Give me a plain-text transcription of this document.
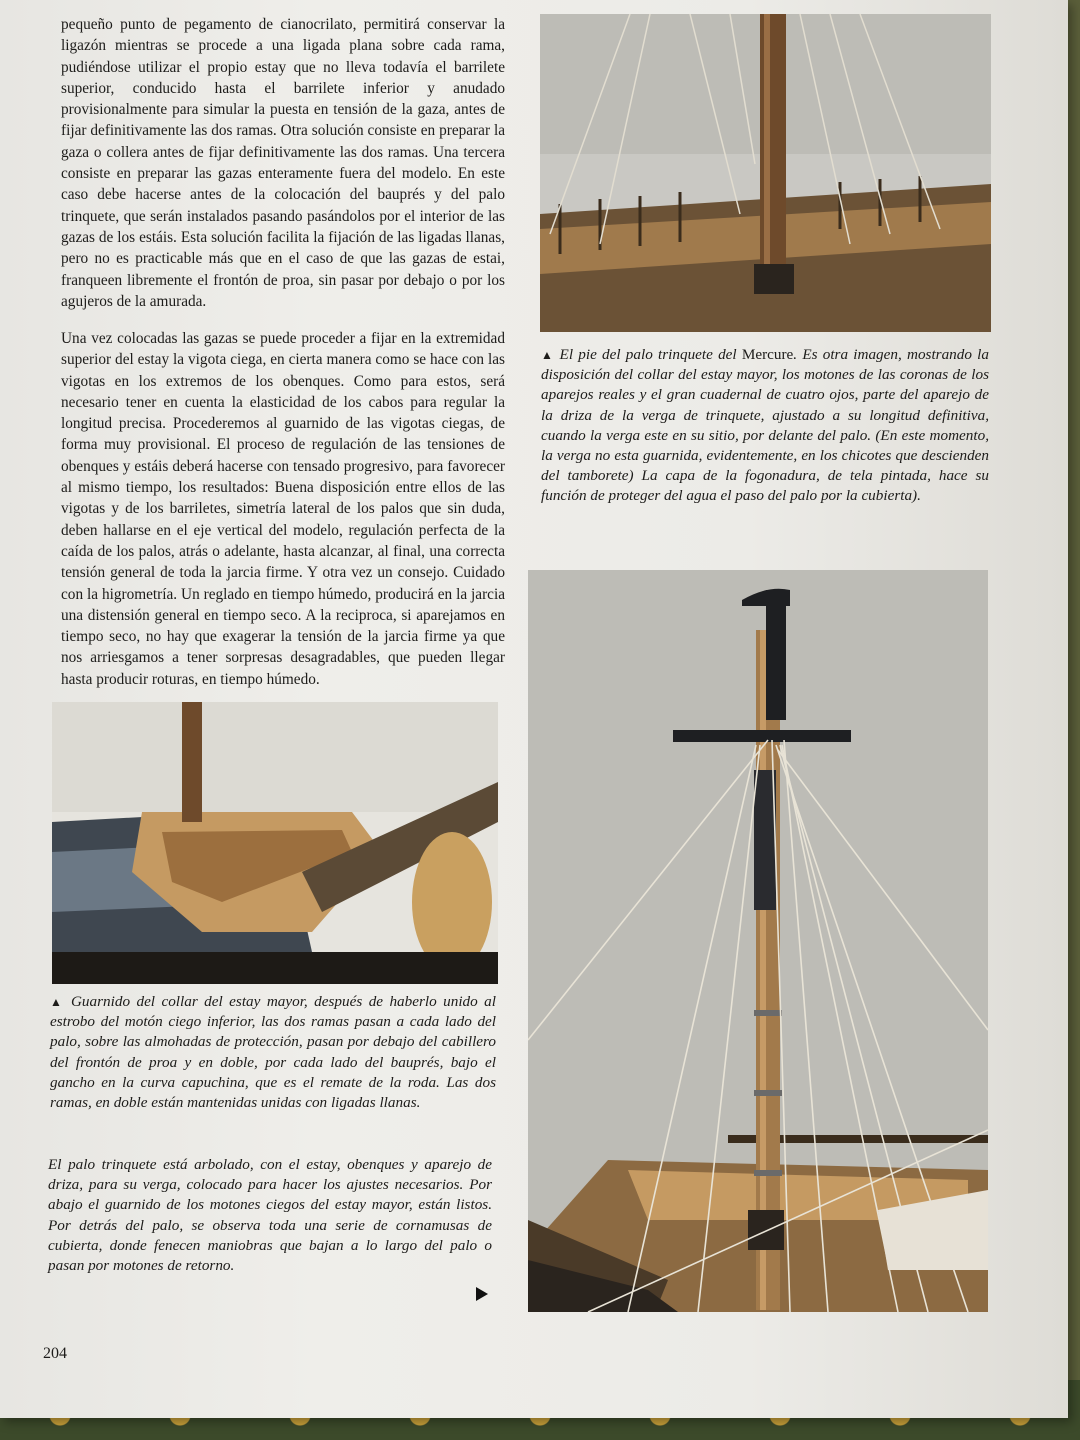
pequeño punto de pegamento de cianocrilato, permitirá conservar la ligazón mientras se procede a una ligada plana sobre cada rama, pudiéndose utilizar el propio estay que no lleva todavía el barrilete superior, conducido hasta el barrilete inferior y anudado provisionalmente para simular la puesta en tensión de la gaza, antes de fijar definitivamente las dos ramas. Otra solución consiste en preparar la gaza o collera antes de fijar definitivamente las dos ramas. Una tercera consiste en preparar las gazas enteramente fuera del modelo. En este caso debe hacerse antes de la colocación del bauprés y del palo trinquete, que serán instalados pasando pasándolos por el interior de las gazas de los estáis. Esta solución facilita la fijación de las ligadas llanas, pero no es practicable más que en el caso de que las gazas de estai, franqueen libremente el frontón de proa, sin pasar por debajo o por los agujeros de la amurada.

Una vez colocadas las gazas se puede proceder a fijar en la extremidad superior del estay la vigota ciega, en cierta manera como se hace con las vigotas en los extremos de los obenques. Como para estos, será necesario tener en cuenta la elasticidad de los cabos para regular la longitud precisa. Procederemos al guarnido de las vigotas ciegas, de forma muy provisional. El proceso de regulación de las tensiones de obenques y estáis deberá hacerse con tensado progresivo, para favorecer al mismo tiempo, los resultados: Buena disposición entre ellos de las vigotas y de los barriletes, simetría lateral de los palos que sin duda, deben hallarse en el eje vertical del modelo, regulación perfecta de la caída de los palos, atrás o adelante, hasta alcanzar, al final, una correcta tensión general de toda la jarcia firme. Y otra vez un consejo. Cuidado con la higrometría. Un reglado en tiempo húmedo, producirá en la jarcia una distensión general en tiempo seco. A la reciproca, si aparejamos en tiempo seco, no hay que exagerar la tensión de la jarcia firme ya que nos arriesgamos a tener sorpresas desagradables, que pueden llegar hasta producir roturas, en tiempo húmedo.

▲ El pie del palo trinquete del Mercure. Es otra imagen, mostrando la disposición del collar del estay mayor, los motones de las coronas de los aparejos reales y el gran cuadernal de cuatro ojos, parte del aparejo de la driza de la verga de trinquete, ajustado a su longitud definitiva, cuando la verga este en su sitio, por delante del palo. (En este momento, la verga no esta guarnida, evidentemente, en los chicotes que descienden del tamborete) La capa de la fogonadura, de tela pintada, hace su función de proteger del agua el paso del palo por la cubierta).

▲ Guarnido del collar del estay mayor, después de haberlo unido al estrobo del motón ciego inferior, las dos ramas pasan a cada lado del palo, sobre las almohadas de protección, pasan por debajo del cabillero del frontón de proa y en doble, por cada lado del bauprés, bajo el gancho en la curva capuchina, que es el remate de la roda. Las dos ramas, en doble están mantenidas unidas con ligadas llanas.

El palo trinquete está arbolado, con el estay, obenques y aparejo de driza, para su verga, colocado para hacer los ajustes necesarios. Por abajo el guarnido de los motones ciegos del estay mayor, están listos. Por detrás del palo, se observa toda una serie de cornamusas de cubierta, donde fenecen maniobras que bajan a lo largo del palo o pasan por motones de retorno.

204
